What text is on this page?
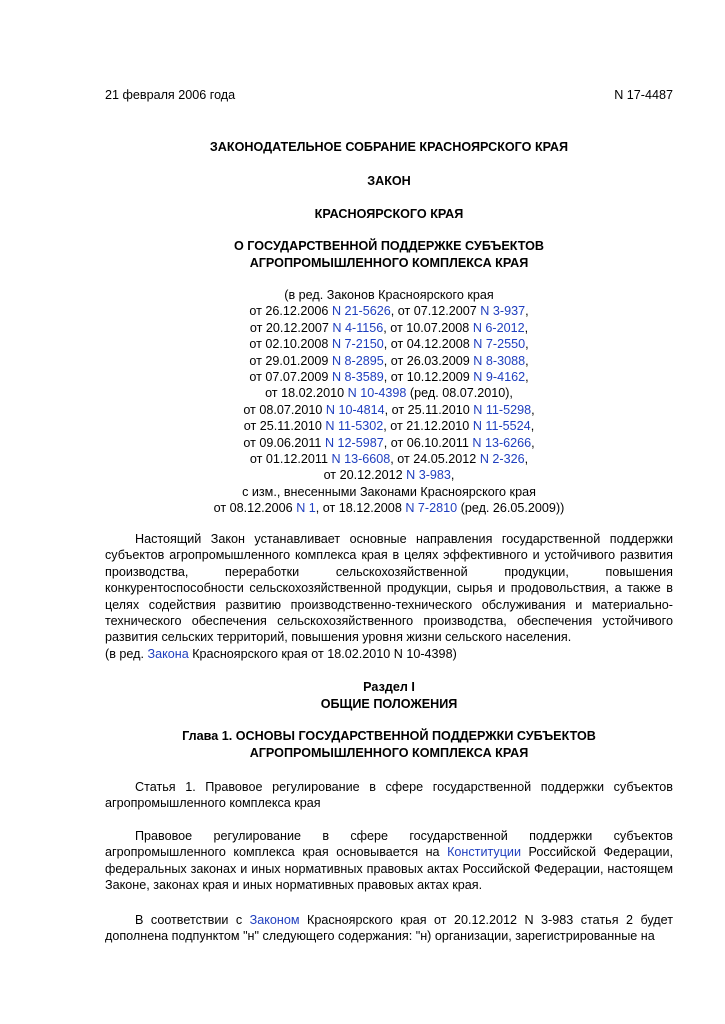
21 февраля 2006 года	N 17-4487
ЗАКОНОДАТЕЛЬНОЕ СОБРАНИЕ КРАСНОЯРСКОГО КРАЯ
ЗАКОН
КРАСНОЯРСКОГО КРАЯ
О ГОСУДАРСТВЕННОЙ ПОДДЕРЖКЕ СУБЪЕКТОВ
АГРОПРОМЫШЛЕННОГО КОМПЛЕКСА КРАЯ
(в ред. Законов Красноярского края
от 26.12.2006 N 21-5626, от 07.12.2007 N 3-937,
от 20.12.2007 N 4-1156, от 10.07.2008 N 6-2012,
от 02.10.2008 N 7-2150, от 04.12.2008 N 7-2550,
от 29.01.2009 N 8-2895, от 26.03.2009 N 8-3088,
от 07.07.2009 N 8-3589, от 10.12.2009 N 9-4162,
от 18.02.2010 N 10-4398 (ред. 08.07.2010),
от 08.07.2010 N 10-4814, от 25.11.2010 N 11-5298,
от 25.11.2010 N 11-5302, от 21.12.2010 N 11-5524,
от 09.06.2011 N 12-5987, от 06.10.2011 N 13-6266,
от 01.12.2011 N 13-6608, от 24.05.2012 N 2-326,
от 20.12.2012 N 3-983,
с изм., внесенными Законами Красноярского края
от 08.12.2006 N 1, от 18.12.2008 N 7-2810 (ред. 26.05.2009))

Настоящий Закон устанавливает основные направления государственной поддержки субъектов агропромышленного комплекса края в целях эффективного и устойчивого развития производства, переработки сельскохозяйственной продукции, повышения конкурентоспособности сельскохозяйственной продукции, сырья и продовольствия, а также в целях содействия развитию производственно-технического обслуживания и материально-технического обеспечения сельскохозяйственного производства, обеспечения устойчивого развития сельских территорий, повышения уровня жизни сельского населения.

(в ред. Закона Красноярского края от 18.02.2010 N 10-4398)

Раздел I
ОБЩИЕ ПОЛОЖЕНИЯ
Глава 1. ОСНОВЫ ГОСУДАРСТВЕННОЙ ПОДДЕРЖКИ СУБЪЕКТОВ
АГРОПРОМЫШЛЕННОГО КОМПЛЕКСА КРАЯ
Статья 1. Правовое регулирование в сфере государственной поддержки субъектов агропромышленного комплекса края
Правовое регулирование в сфере государственной поддержки субъектов агропромышленного комплекса края основывается на Конституции Российской Федерации, федеральных законах и иных нормативных правовых актах Российской Федерации, настоящем Законе, законах края и иных нормативных правовых актах края.
В соответствии с Законом Красноярского края от 20.12.2012 N 3-983 статья 2 будет дополнена подпунктом "н" следующего содержания: "н) организации, зарегистрированные на
